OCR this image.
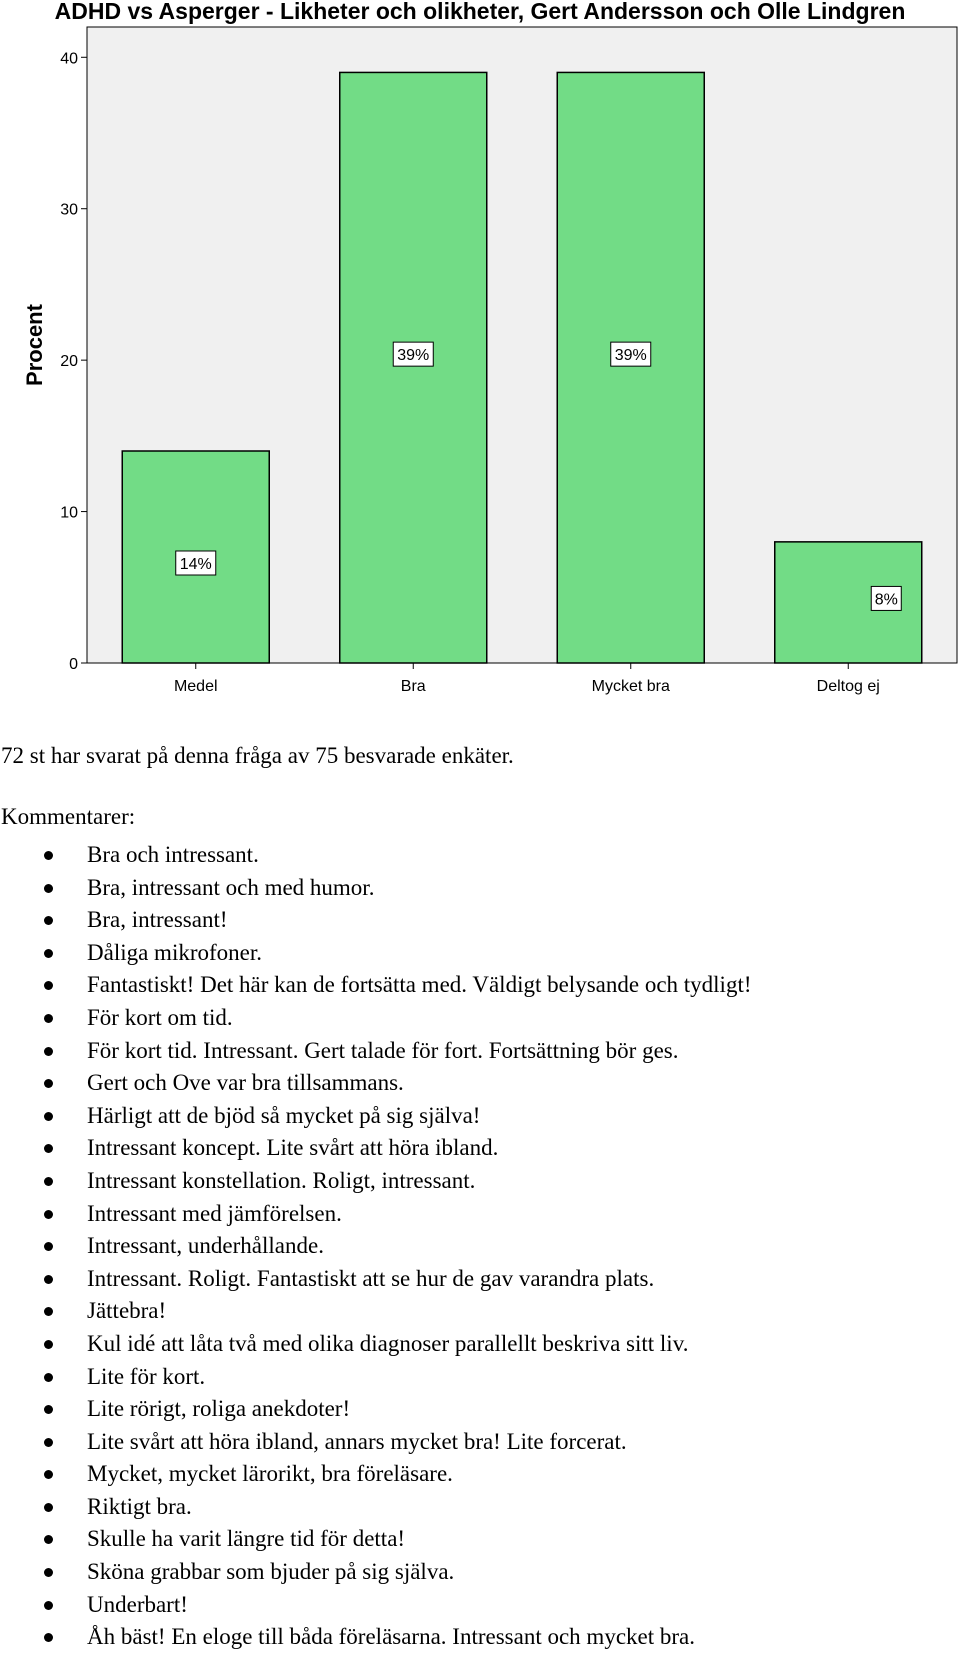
0
10
20
30
40
Procent
Medel
14%
Bra
39%
Mycket bra
39%
Deltog ej
8%
ADHD vs Asperger - Likheter och olikheter, Gert Andersson och Olle Lindgren
72 st har svarat på denna fråga av 75 besvarade enkäter.
Kommentarer:
Bra och intressant.
Bra, intressant och med humor.
Bra, intressant!
Dåliga mikrofoner.
Fantastiskt! Det här kan de fortsätta med. Väldigt belysande och tydligt!
För kort om tid.
För kort tid. Intressant. Gert talade för fort. Fortsättning bör ges.
Gert och Ove var bra tillsammans.
Härligt att de bjöd så mycket på sig själva!
Intressant koncept. Lite svårt att höra ibland.
Intressant konstellation. Roligt, intressant.
Intressant med jämförelsen.
Intressant, underhållande.
Intressant. Roligt. Fantastiskt att se hur de gav varandra plats.
Jättebra!
Kul idé att låta två med olika diagnoser parallellt beskriva sitt liv.
Lite för kort.
Lite rörigt, roliga anekdoter!
Lite svårt att höra ibland, annars mycket bra! Lite forcerat.
Mycket, mycket lärorikt, bra föreläsare.
Riktigt bra.
Skulle ha varit längre tid för detta!
Sköna grabbar som bjuder på sig själva.
Underbart!
Åh bäst! En eloge till båda föreläsarna. Intressant och mycket bra.
